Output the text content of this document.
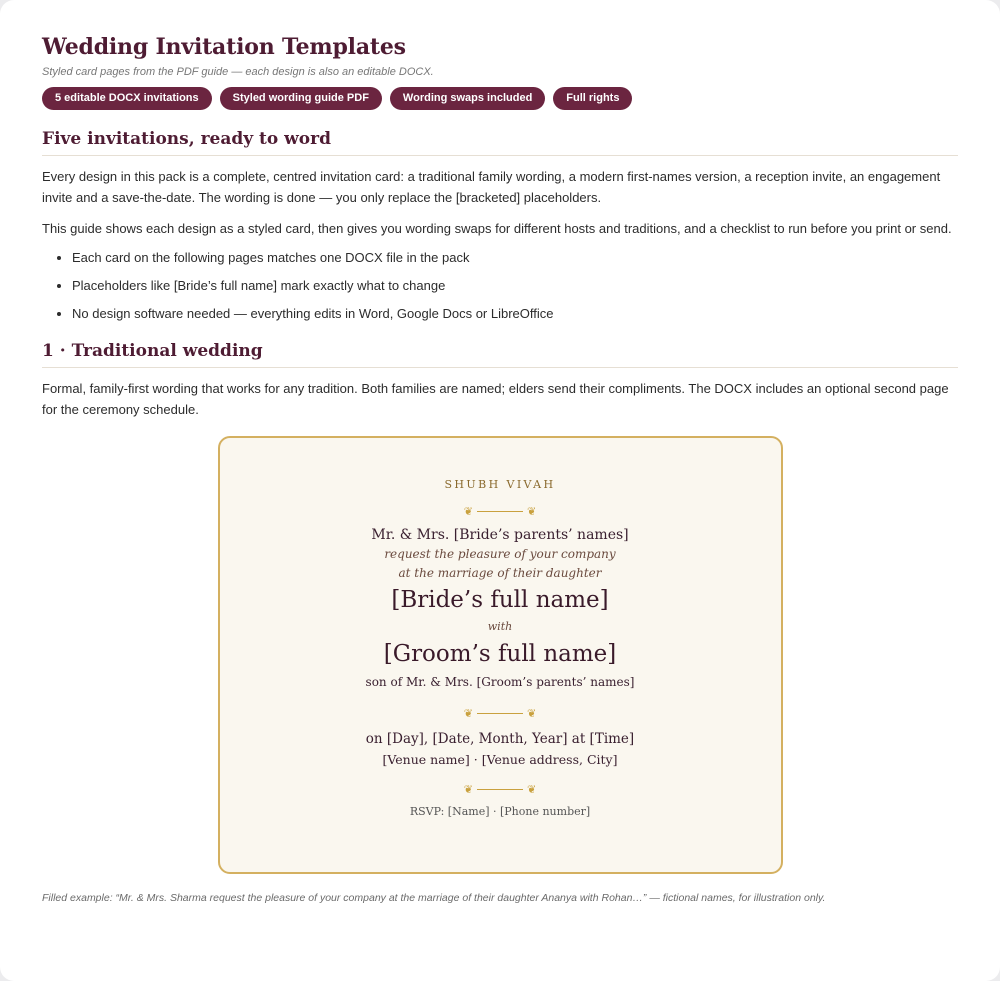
Wedding Invitation Templates
Styled card pages from the PDF guide — each design is also an editable DOCX.
5 editable DOCX invitations	Styled wording guide PDF	Wording swaps included	Full rights
Five invitations, ready to word

Every design in this pack is a complete, centred invitation card: a traditional family wording, a modern first-names version, a reception invite, an engagement invite and a save-the-date. The wording is done — you only replace the [bracketed] placeholders.

This guide shows each design as a styled card, then gives you wording swaps for different hosts and traditions, and a checklist to run before you print or send.

• Each card on the following pages matches one DOCX file in the pack
• Placeholders like [Bride’s full name] mark exactly what to change
• No design software needed — everything edits in Word, Google Docs or LibreOffice
1 · Traditional wedding

Formal, family-first wording that works for any tradition. Both families are named; elders send their compliments. The DOCX includes an optional second page for the ceremony schedule.

SHUBH VIVAH
❦	❦
Mr. & Mrs. [Bride’s parents’ names]
request the pleasure of your company
at the marriage of their daughter
[Bride’s full name]
with
[Groom’s full name]
son of Mr. & Mrs. [Groom’s parents’ names]
❦	❦
on [Day], [Date, Month, Year] at [Time]
[Venue name] · [Venue address, City]
❦	❦
RSVP: [Name] · [Phone number]
Filled example: “Mr. & Mrs. Sharma request the pleasure of your company at the marriage of their daughter Ananya with Rohan…” — fictional names, for illustration only.
